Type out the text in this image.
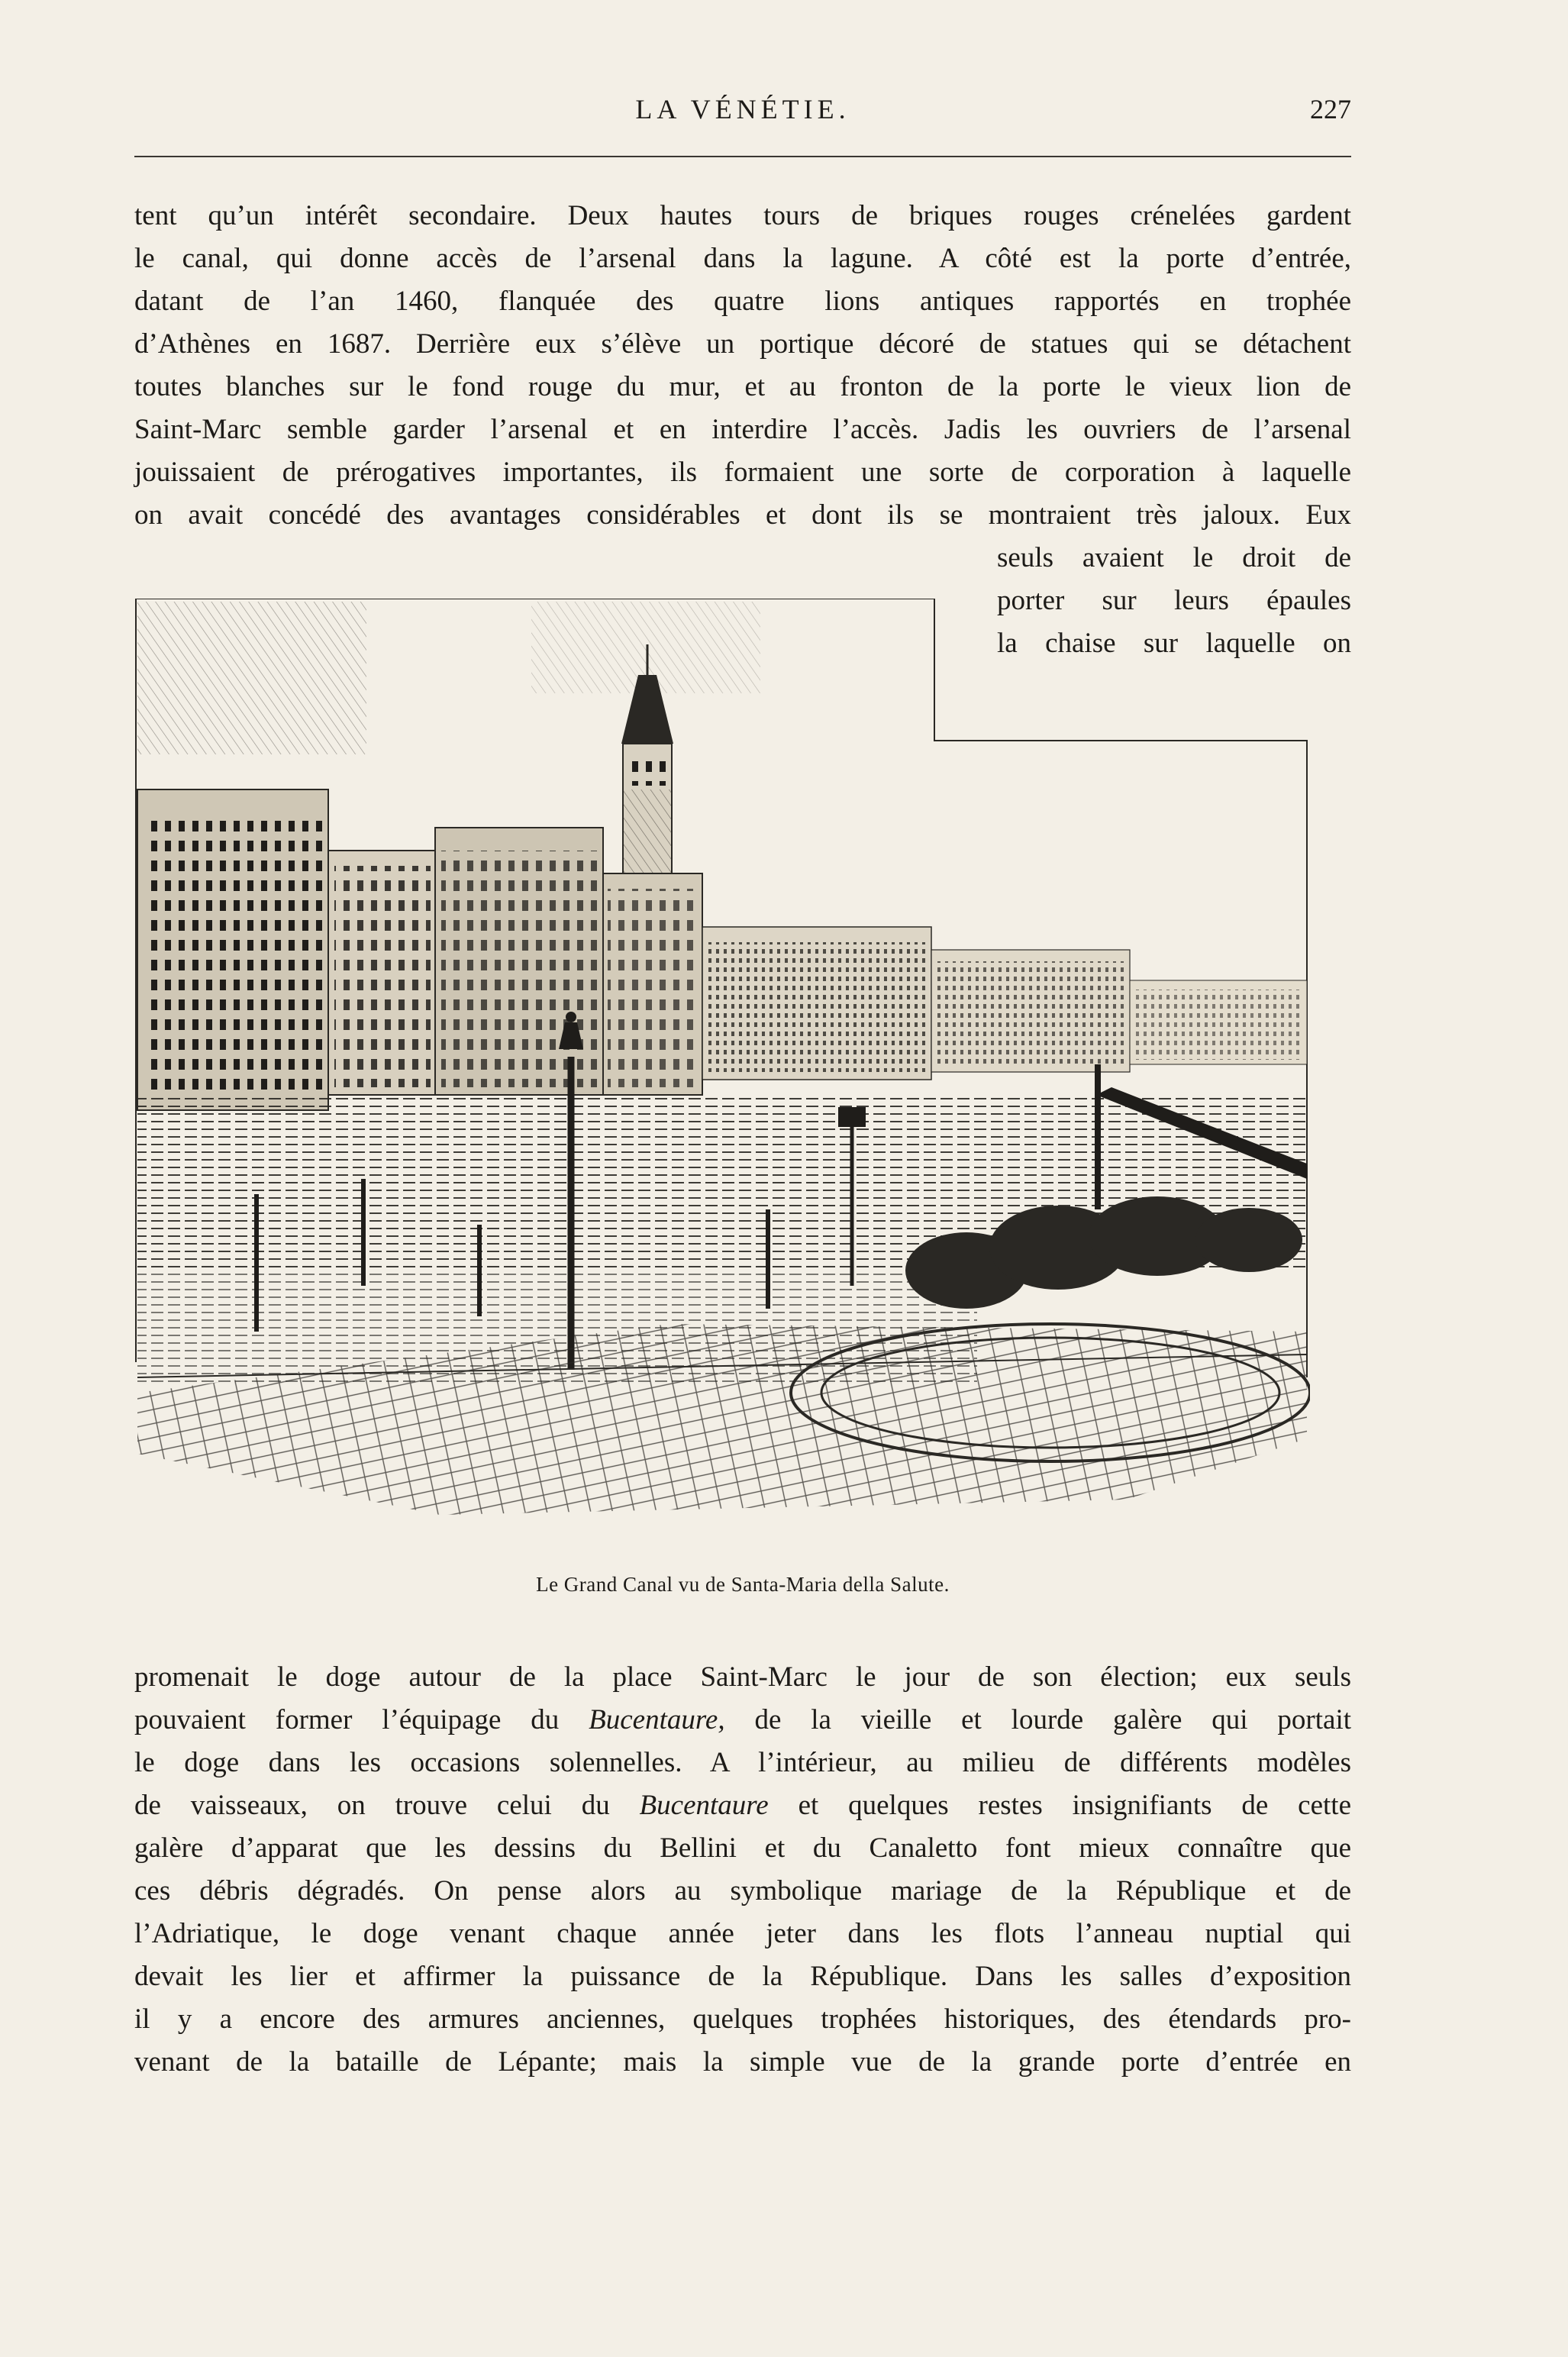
LA VÉNÉTIE.	227
tent qu’un intérêt secondaire. Deux hautes tours de briques rouges crénelées gardent
le canal, qui donne accès de l’arsenal dans la lagune. A côté est la porte d’entrée,
datant de l’an 1460, flanquée des quatre lions antiques rapportés en trophée
d’Athènes en 1687. Derrière eux s’élève un portique décoré de statues qui se détachent
toutes blanches sur le fond rouge du mur, et au fronton de la porte le vieux lion de
Saint-Marc semble garder l’arsenal et en interdire l’accès. Jadis les ouvriers de l’arsenal
jouissaient de prérogatives importantes, ils formaient une sorte de corporation à laquelle
on avait concédé des avantages considérables et dont ils se montraient très jaloux. Eux
seuls avaient le droit de
porter sur leurs épaules
la chaise sur laquelle on
Le Grand Canal vu de Santa-Maria della Salute.
promenait le doge autour de la place Saint-Marc le jour de son élection; eux seuls
pouvaient former l’équipage du Bucentaure, de la vieille et lourde galère qui portait
le doge dans les occasions solennelles. A l’intérieur, au milieu de différents modèles
de vaisseaux, on trouve celui du Bucentaure et quelques restes insignifiants de cette
galère d’apparat que les dessins du Bellini et du Canaletto font mieux connaître que
ces débris dégradés. On pense alors au symbolique mariage de la République et de
l’Adriatique, le doge venant chaque année jeter dans les flots l’anneau nuptial qui
devait les lier et affirmer la puissance de la République. Dans les salles d’exposition
il y a encore des armures anciennes, quelques trophées historiques, des étendards pro-
venant de la bataille de Lépante; mais la simple vue de la grande porte d’entrée en
